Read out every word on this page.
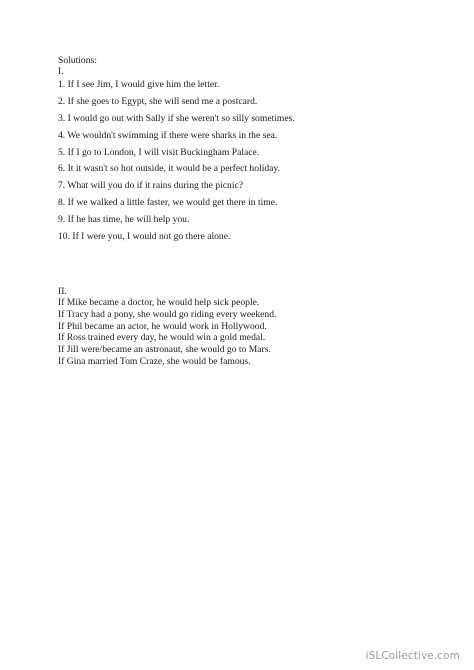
Solutions:
I.
1. If I see Jim, I would give him the letter.
2. If she goes to Egypt, she will send me a postcard.
3. I would go out with Sally if she weren't so silly sometimes.
4. We wouldn't swimming if there were sharks in the sea.
5. If I go to London, I will visit Buckingham Palace.
6. It it wasn't so hot outside, it would be a perfect holiday.
7. What will you do if it rains during the picnic?
8. If we walked a little faster, we would get there in time.
9. If he has time, he will help you.
10. If I were you, I would not go there alone.
II.
If Mike became a doctor, he would help sick people.
If Tracy had a pony, she would go riding every weekend.
If Phil became an actor, he would work in Hollywood.
If Ross trained every day, he would win a gold medal.
If Jill were/became an astronaut, she would go to Mars.
If Gina married Tom Craze, she would be famous.
iSLCollective.com
